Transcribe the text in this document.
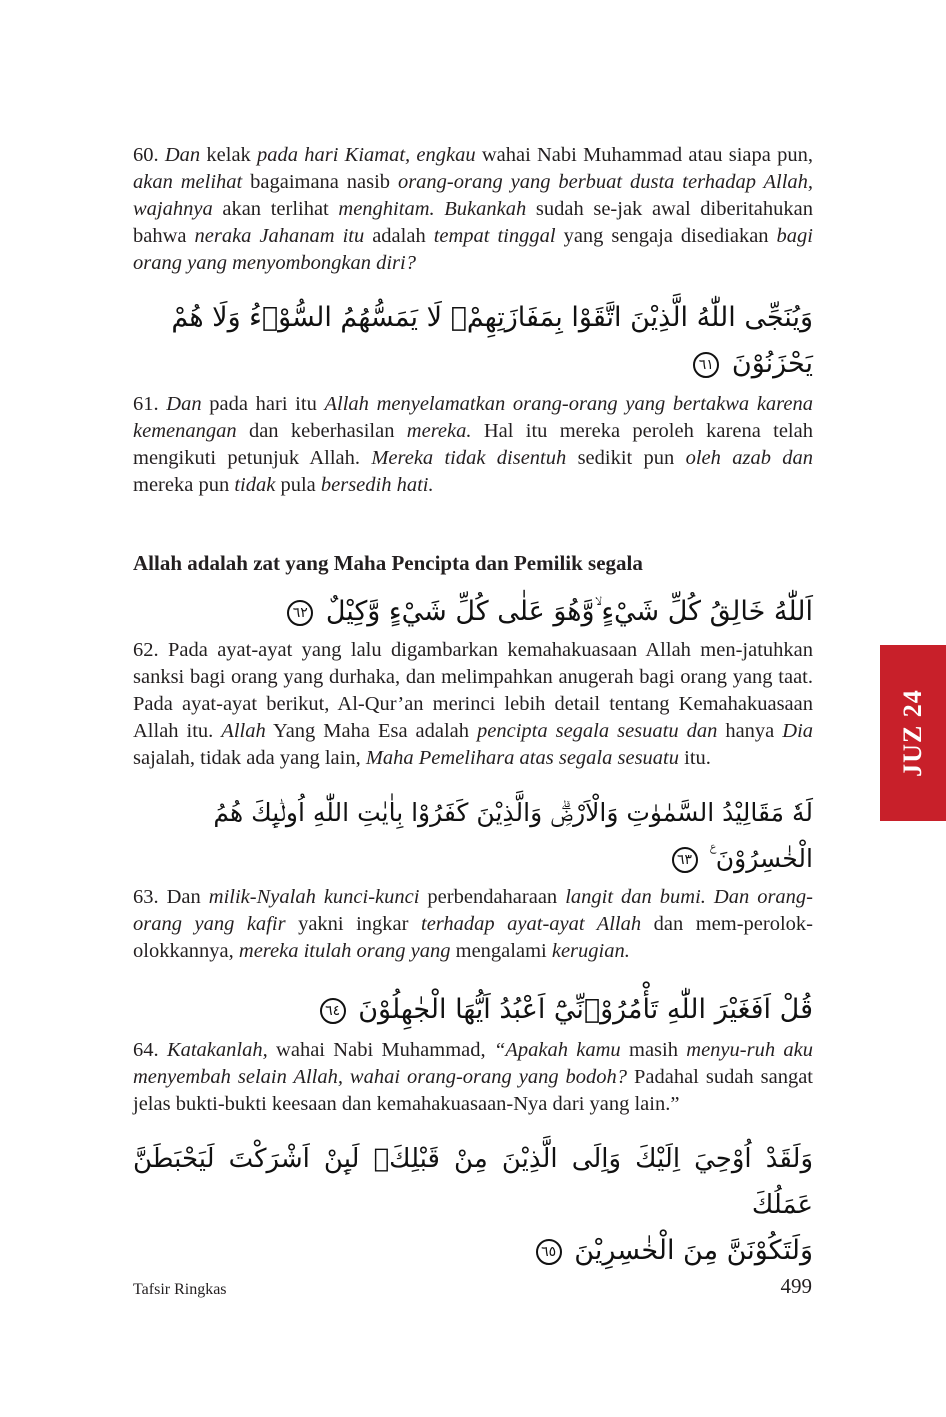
60. Dan kelak pada hari Kiamat, engkau wahai Nabi Muhammad atau siapa pun, akan melihat bagaimana nasib orang-orang yang berbuat dusta terhadap Allah, wajahnya akan terlihat menghitam. Bukankah sudah se-jak awal diberitahukan bahwa neraka Jahanam itu adalah tempat tinggal yang sengaja disediakan bagi orang yang menyombongkan diri?

وَيُنَجِّى اللّٰهُ الَّذِيْنَ اتَّقَوْا بِمَفَازَتِهِمْۖ لَا يَمَسُّهُمُ السُّوْۤءُ وَلَا هُمْ يَحْزَنُوْنَ ٦١

61. Dan pada hari itu Allah menyelamatkan orang-orang yang bertakwa karena kemenangan dan keberhasilan mereka. Hal itu mereka peroleh karena telah mengikuti petunjuk Allah. Mereka tidak disentuh sedikit pun oleh azab dan mereka pun tidak pula bersedih hati.

Allah adalah zat yang Maha Pencipta dan Pemilik segala

اَللّٰهُ خَالِقُ كُلِّ شَيْءٍ ۙوَّهُوَ عَلٰى كُلِّ شَيْءٍ وَّكِيْلٌ ٦٢

62. Pada ayat-ayat yang lalu digambarkan kemahakuasaan Allah men-jatuhkan sanksi bagi orang yang durhaka, dan melimpahkan anugerah bagi orang yang taat. Pada ayat-ayat berikut, Al-Qur’an merinci lebih detail tentang Kemahakuasaan Allah itu. Allah Yang Maha Esa adalah pencipta segala sesuatu dan hanya Dia sajalah, tidak ada yang lain, Maha Pemelihara atas segala sesuatu itu.

لَهٗ مَقَالِيْدُ السَّمٰوٰتِ وَالْاَرْضِۗ وَالَّذِيْنَ كَفَرُوْا بِاٰيٰتِ اللّٰهِ اُولٰۤىِٕكَ هُمُ الْخٰسِرُوْنَ ࣖ ٦٣

63. Dan milik-Nyalah kunci-kunci perbendaharaan langit dan bumi. Dan orang-orang yang kafir yakni ingkar terhadap ayat-ayat Allah dan mem-perolok-olokkannya, mereka itulah orang yang mengalami kerugian.

قُلْ اَفَغَيْرَ اللّٰهِ تَأْمُرُوْۤنِّيْٓ اَعْبُدُ اَيُّهَا الْجٰهِلُوْنَ ٦٤

64. Katakanlah, wahai Nabi Muhammad, “Apakah kamu masih menyu-ruh aku menyembah selain Allah, wahai orang-orang yang bodoh? Padahal sudah sangat jelas bukti-bukti keesaan dan kemahakuasaan-Nya dari yang lain.”

وَلَقَدْ اُوْحِيَ اِلَيْكَ وَاِلَى الَّذِيْنَ مِنْ قَبْلِكَۚ لَىِٕنْ اَشْرَكْتَ لَيَحْبَطَنَّ عَمَلُكَ

وَلَتَكُوْنَنَّ مِنَ الْخٰسِرِيْنَ ٦٥

JUZ 24
Tafsir Ringkas	499
